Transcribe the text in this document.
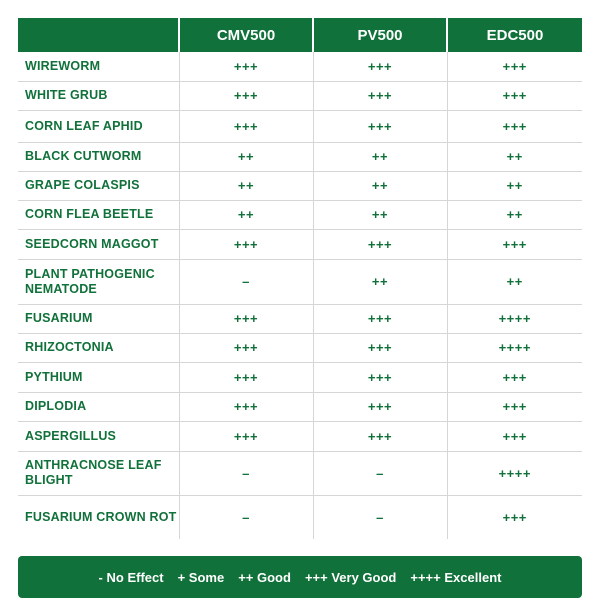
	CMV500	PV500	EDC500
WIREWORM	+++	+++	+++
WHITE GRUB	+++	+++	+++
CORN LEAF APHID	+++	+++	+++
BLACK CUTWORM	++	++	++
GRAPE COLASPIS	++	++	++
CORN FLEA BEETLE	++	++	++
SEEDCORN MAGGOT	+++	+++	+++
PLANT PATHOGENIC NEMATODE	–	++	++
FUSARIUM	+++	+++	++++
RHIZOCTONIA	+++	+++	++++
PYTHIUM	+++	+++	+++
DIPLODIA	+++	+++	+++
ASPERGILLUS	+++	+++	+++
ANTHRACNOSE LEAF BLIGHT	–	–	++++
FUSARIUM CROWN ROT	–	–	+++
- No Effect + Some ++ Good +++ Very Good ++++ Excellent
